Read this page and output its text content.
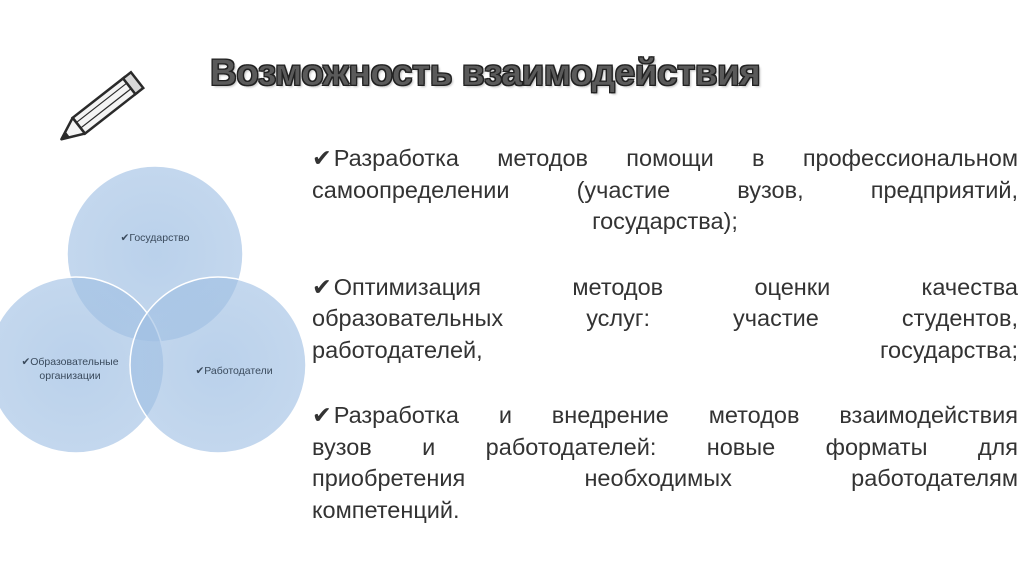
Возможность взаимодействия
✔Государство
✔Образовательные
организации	✔Работодатели
✔Разработка методов помощи в профессиональном
самоопределении (участие вузов, предприятий,
государства);
✔Оптимизация методов оценки качества
образовательных услуг: участие студентов,
работодателей, государства;
✔Разработка и внедрение методов взаимодействия
вузов и работодателей: новые форматы для
приобретения необходимых работодателям
компетенций.
